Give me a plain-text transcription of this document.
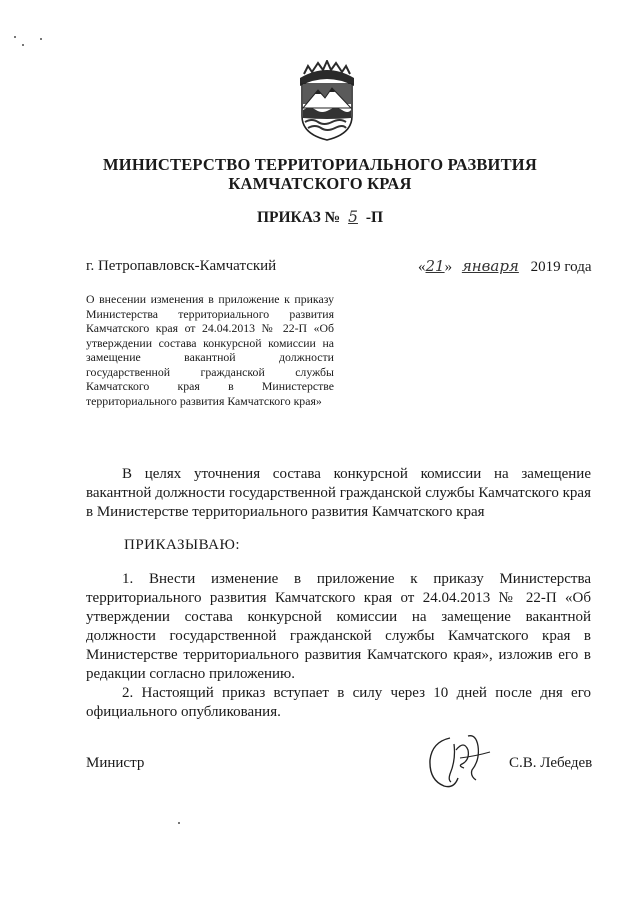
МИНИСТЕРСТВО ТЕРРИТОРИАЛЬНОГО РАЗВИТИЯ
КАМЧАТСКОГО КРАЯ
ПРИКАЗ № 5 -П
г. Петропавловск-Камчатский	«21» января 2019 года
О внесении изменения в приложение к приказу Министерства территориального развития Камчатского края от 24.04.2013 № 22-П «Об утверждении состава конкурсной комиссии на замещение вакантной должности государственной гражданской службы Камчатского края в Министерстве территориального развития Камчатского края»
В целях уточнения состава конкурсной комиссии на замещение вакантной должности государственной гражданской службы Камчатского края в Министерстве территориального развития Камчатского края
ПРИКАЗЫВАЮ:
1. Внести изменение в приложение к приказу Министерства территориального развития Камчатского края от 24.04.2013 № 22-П «Об утверждении состава конкурсной комиссии на замещение вакантной должности государственной гражданской службы Камчатского края в Министерстве территориального развития Камчатского края», изложив его в редакции согласно приложению.
2. Настоящий приказ вступает в силу через 10 дней после дня его официального опубликования.
Министр	С.В. Лебедев
